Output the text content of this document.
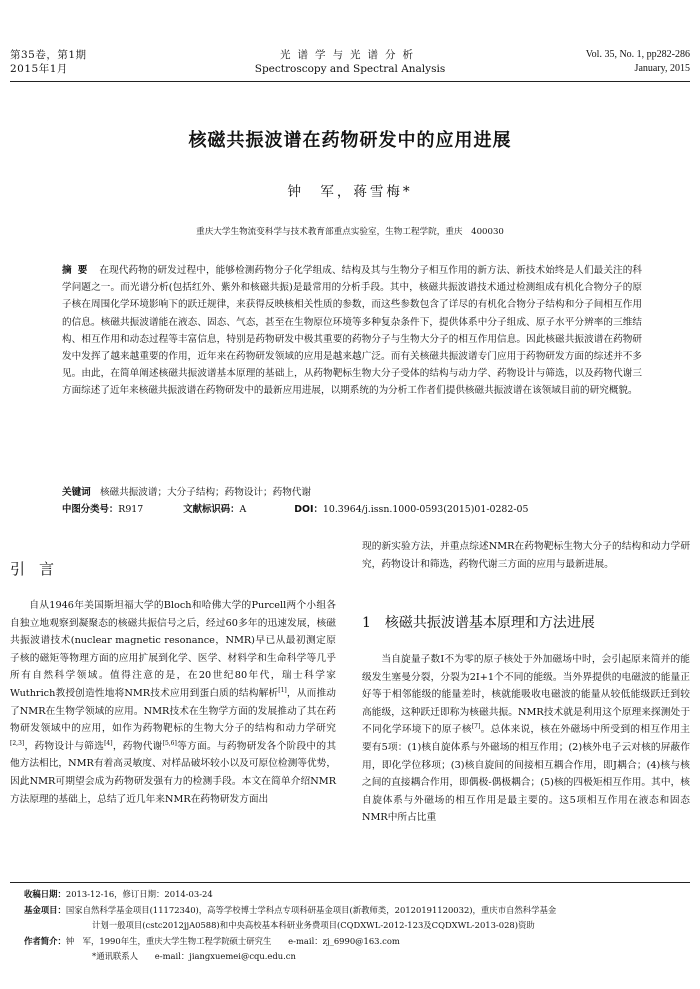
第35卷，第1期
2015年1月
光谱学与光谱分析
Spectroscopy and Spectral Analysis
Vol. 35, No. 1, pp282-286
January, 2015
核磁共振波谱在药物研发中的应用进展
钟　军，蒋雪梅*
重庆大学生物流变科学与技术教育部重点实验室，生物工程学院，重庆　400030
摘要 在现代药物的研发过程中，能够检测药物分子化学组成、结构及其与生物分子相互作用的新方法、新技术始终是人们最关注的科学问题之一。而光谱分析(包括红外、紫外和核磁共振)是最常用的分析手段。其中，核磁共振波谱技术通过检测组成有机化合物分子的原子核在周围化学环境影响下的跃迁规律，来获得反映核相关性质的参数，而这些参数包含了详尽的有机化合物分子结构和分子间相互作用的信息。核磁共振波谱能在液态、固态、气态，甚至在生物原位环境等多种复杂条件下，提供体系中分子组成、原子水平分辨率的三维结构、相互作用和动态过程等丰富信息，特别是药物研发中极其重要的药物分子与生物大分子的相互作用信息。因此核磁共振波谱在药物研发中发挥了越来越重要的作用，近年来在药物研发领域的应用是越来越广泛。而有关核磁共振波谱专门应用于药物研发方面的综述并不多见。由此，在简单阐述核磁共振波谱基本原理的基础上，从药物靶标生物大分子受体的结构与动力学、药物设计与筛选，以及药物代谢三方面综述了近年来核磁共振波谱在药物研发中的最新应用进展，以期系统的为分析工作者们提供核磁共振波谱在该领域目前的研究概貌。
关键词 核磁共振波谱；大分子结构；药物设计；药物代谢
中图分类号：R917	文献标识码：A	DOI：10.3964/j.issn.1000-0593(2015)01-0282-05
引言
自从1946年美国斯坦福大学的Bloch和哈佛大学的Purcell两个小组各自独立地观察到凝聚态的核磁共振信号之后，经过60多年的迅速发展，核磁共振波谱技术(nuclear magnetic resonance，NMR)早已从最初测定原子核的磁矩等物理方面的应用扩展到化学、医学、材料学和生命科学等几乎所有自然科学领域。值得注意的是，在20世纪80年代，瑞士科学家Wuthrich教授创造性地将NMR技术应用到蛋白质的结构解析[1]，从而推动了NMR在生物学领域的应用。NMR技术在生物学方面的发展推动了其在药物研发领域中的应用，如作为药物靶标的生物大分子的结构和动力学研究[2,3]，药物设计与筛选[4]，药物代谢[5,6]等方面。与药物研发各个阶段中的其他方法相比，NMR有着高灵敏度、对样品破坏较小以及可原位检测等优势，因此NMR可期望会成为药物研发强有力的检测手段。本文在简单介绍NMR方法原理的基础上，总结了近几年来NMR在药物研发方面出
现的新实验方法，并重点综述NMR在药物靶标生物大分子的结构和动力学研究，药物设计和筛选，药物代谢三方面的应用与最新进展。
1 核磁共振波谱基本原理和方法进展
当自旋量子数I不为零的原子核处于外加磁场中时，会引起原来简并的能级发生塞曼分裂，分裂为2I+1个不同的能级。当外界提供的电磁波的能量正好等于相邻能级的能量差时，核就能吸收电磁波的能量从较低能级跃迁到较高能级，这种跃迁即称为核磁共振。NMR技术就是利用这个原理来探测处于不同化学环境下的原子核[7]。总体来说，核在外磁场中所受到的相互作用主要有5项：(1)核自旋体系与外磁场的相互作用；(2)核外电子云对核的屏蔽作用，即化学位移项；(3)核自旋间的间接相互耦合作用，即J耦合；(4)核与核之间的直接耦合作用，即偶极-偶极耦合；(5)核的四极矩相互作用。其中，核自旋体系与外磁场的相互作用是最主要的。这5项相互作用在液态和固态NMR中所占比重
收稿日期： 2013-12-16，修订日期：2014-03-24
基金项目： 国家自然科学基金项目(11172340)，高等学校博士学科点专项科研基金项目(新教师类，20120191120032)，重庆市自然科学基金
计划一般项目(cstc2012jjA0588)和中央高校基本科研业务费项目(CQDXWL-2012-123及CQDXWL-2013-028)资助
作者简介： 钟　军，1990年生，重庆大学生物工程学院硕士研究生　　e-mail：zj_6990@163.com
*通讯联系人　　e-mail：jiangxuemei@cqu.edu.cn
